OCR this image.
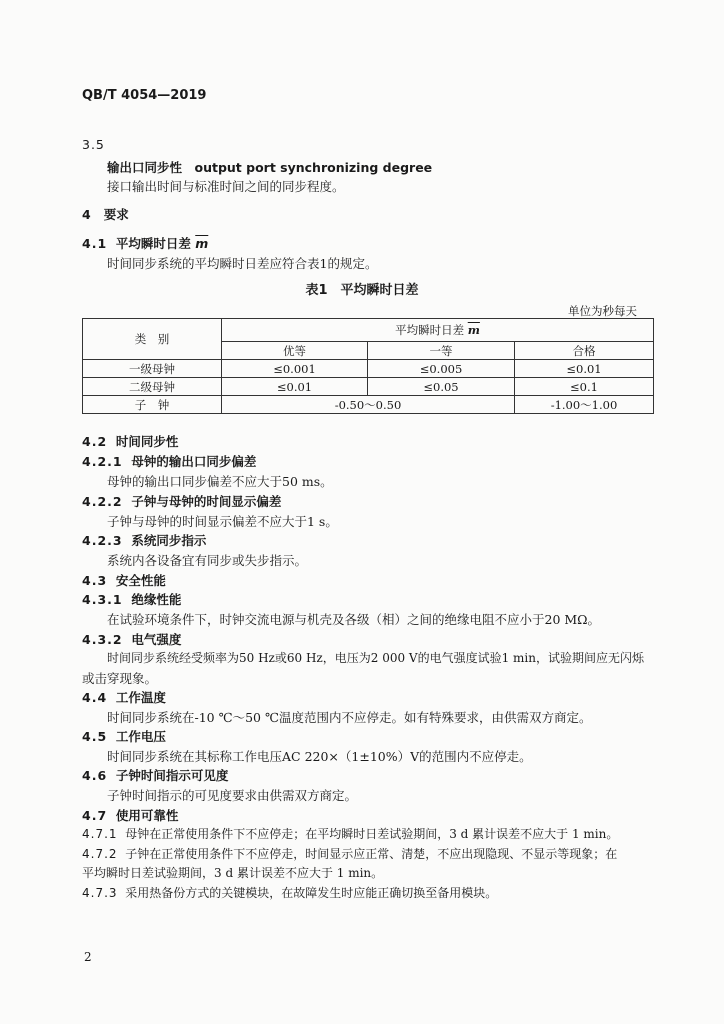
QB/T 4054—2019
3.5
输出口同步性　output port synchronizing degree
接口输出时间与标准时间之间的同步程度。
4 要求
4.1 平均瞬时日差 $\overline{m}$
时间同步系统的平均瞬时日差应符合表1的规定。
表1　平均瞬时日差
单位为秒每天
类　别	平均瞬时日差 $\overline{m}$
	优等	一等	合格
一级母钟	≤0.001	≤0.005	≤0.01
二级母钟	≤0.01	≤0.05	≤0.1
子　钟	-0.50～0.50		-1.00～1.00
4.2 时间同步性
4.2.1 母钟的输出口同步偏差
母钟的输出口同步偏差不应大于50 ms。
4.2.2 子钟与母钟的时间显示偏差
子钟与母钟的时间显示偏差不应大于1 s。
4.2.3 系统同步指示
系统内各设备宜有同步或失步指示。
4.3 安全性能
4.3.1 绝缘性能
在试验环境条件下，时钟交流电源与机壳及各级（相）之间的绝缘电阻不应小于20 MΩ。
4.3.2 电气强度
时间同步系统经受频率为50 Hz或60 Hz，电压为2 000 V的电气强度试验1 min，试验期间应无闪烁
或击穿现象。
4.4 工作温度
时间同步系统在-10 ℃～50 ℃温度范围内不应停走。如有特殊要求，由供需双方商定。
4.5 工作电压
时间同步系统在其标称工作电压AC 220×（1±10%）V的范围内不应停走。
4.6 子钟时间指示可见度
子钟时间指示的可见度要求由供需双方商定。
4.7 使用可靠性
4.7.1 母钟在正常使用条件下不应停走；在平均瞬时日差试验期间，3 d 累计误差不应大于 1 min。
4.7.2 子钟在正常使用条件下不应停走，时间显示应正常、清楚，不应出现隐现、不显示等现象；在
平均瞬时日差试验期间，3 d 累计误差不应大于 1 min。
4.7.3 采用热备份方式的关键模块，在故障发生时应能正确切换至备用模块。
2
